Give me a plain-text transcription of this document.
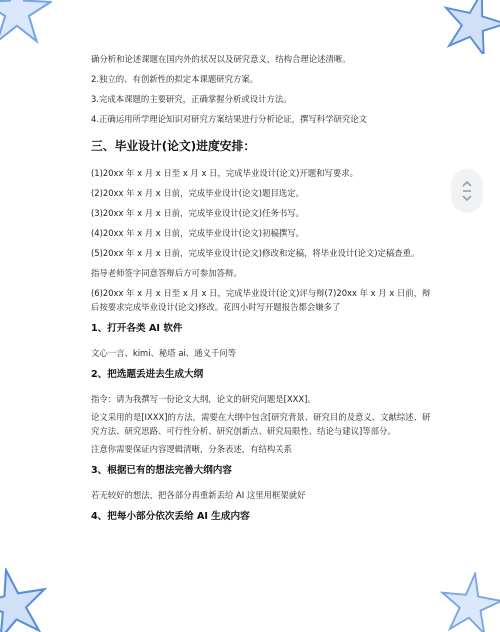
确分析和论述课题在国内外的状况以及研究意义，结构合理论述清晰。

2.独立的、有创新性的拟定本课题研究方案。

3.完成本课题的主要研究，正确掌握分析或设计方法。

4.正确运用所学理论知识对研究方案结果进行分析论证，撰写科学研究论文

三、毕业设计(论文)进度安排：

(1)20xx 年 x 月 x 日至 x 月 x 日，完成毕业设计(论文)开题和写要求。

(2)20xx 年 x 月 x 日前，完成毕业设计(论文)题目选定。

(3)20xx 年 x 月 x 日前，完成毕业设计(论文)任务书写。

(4)20xx 年 x 月 x 日前，完成毕业设计(论文)初稿撰写。

(5)20xx 年 x 月 x 日前，完成毕业设计(论文)修改和定稿，将毕业设计(论文)定稿查重。

指导老师签字同意答辩后方可参加答辩。

(6)20xx 年 x 月 x 日至 x 月 x 日，完成毕业设计(论文)评与辩(7)20xx 年 x 月 x 日前，辩后按要求完成毕业设计(论文)修改。花四小时写开题报告都会嫌多了

1、打开各类 AI 软件

文心一言、kimi、秘塔 ai、通义千问等

2、把选题丢进去生成大纲

指令：请为我撰写一份论文大纲，论文的研究问题是[XXX]。

论文采用的是[IXXX]的方法，需要在大纲中包含[研究背景、研究目的及意义、文献综述、研究方法、研究思路、可行性分析、研究创新点、研究局限性、结论与建议]等部分。

注意你需要保证内容逻辑清晰，分条表述，有结构关系

3、根据已有的想法完善大纲内容

若无较好的想法，把各部分再重新丢给 AI 这里用框架就好

4、把每小部分依次丢给 AI 生成内容
